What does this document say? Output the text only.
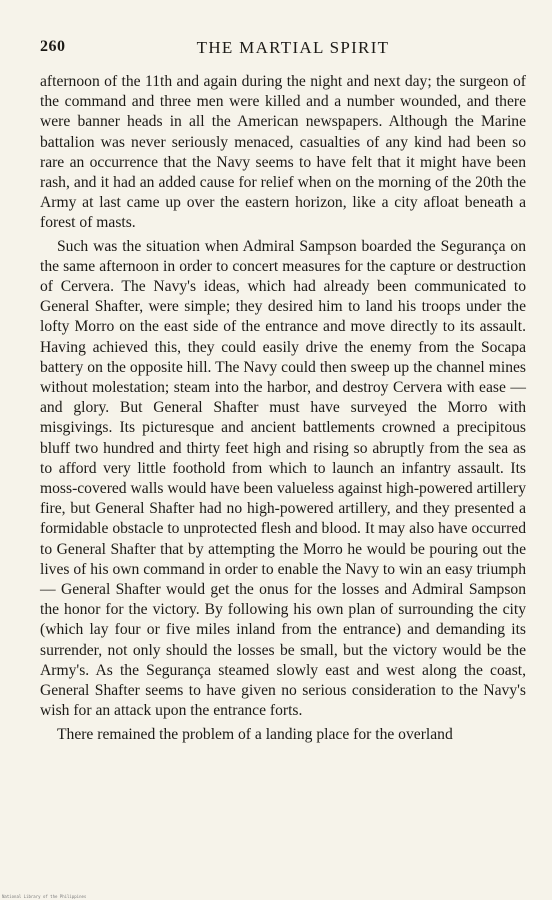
260	THE MARTIAL SPIRIT

afternoon of the 11th and again during the night and next day; the surgeon of the command and three men were killed and a number wounded, and there were banner heads in all the American newspapers. Although the Marine battalion was never seriously menaced, casualties of any kind had been so rare an occurrence that the Navy seems to have felt that it might have been rash, and it had an added cause for relief when on the morning of the 20th the Army at last came up over the eastern horizon, like a city afloat beneath a forest of masts.

Such was the situation when Admiral Sampson boarded the Segurança on the same afternoon in order to concert measures for the capture or destruction of Cervera. The Navy's ideas, which had already been communicated to General Shafter, were simple; they desired him to land his troops under the lofty Morro on the east side of the entrance and move directly to its assault. Having achieved this, they could easily drive the enemy from the Socapa battery on the opposite hill. The Navy could then sweep up the channel mines without molestation; steam into the harbor, and destroy Cervera with ease — and glory. But General Shafter must have surveyed the Morro with misgivings. Its picturesque and ancient battlements crowned a precipitous bluff two hundred and thirty feet high and rising so abruptly from the sea as to afford very little foothold from which to launch an infantry assault. Its moss-covered walls would have been valueless against high-powered artillery fire, but General Shafter had no high-powered artillery, and they presented a formidable obstacle to unprotected flesh and blood. It may also have occurred to General Shafter that by attempting the Morro he would be pouring out the lives of his own command in order to enable the Navy to win an easy triumph — General Shafter would get the onus for the losses and Admiral Sampson the honor for the victory. By following his own plan of surrounding the city (which lay four or five miles inland from the entrance) and demanding its surrender, not only should the losses be small, but the victory would be the Army's. As the Segurança steamed slowly east and west along the coast, General Shafter seems to have given no serious consideration to the Navy's wish for an attack upon the entrance forts.

There remained the problem of a landing place for the overland

National Library of the Philippines
